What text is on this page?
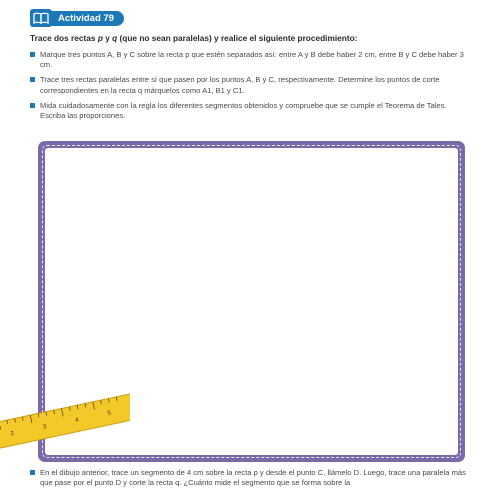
Actividad 79
Trace dos rectas p y q (que no sean paralelas) y realice el siguiente procedimiento:
Marque tres puntos A, B y C sobre la recta p que estén separados así: entre A y B debe haber 2 cm, entre B y C debe haber 3 cm.
Trace tres rectas paralelas entre sí que pasen por los puntos A, B y C, respectivamente. Determine los puntos de corte correspondientes en la recta q márquelos como A1, B1 y C1.
Mida cuidadosamente con la regla los diferentes segmentos obtenidos y compruebe que se cumple el Teorema de Tales. Escriba las proporciones.
2
3
4
5
En el dibujo anterior, trace un segmento de 4 cm sobre la recta p y desde el punto C, llámelo D. Luego, trace una paralela más que pase por el punto D y corte la recta q. ¿Cuánto mide el segmento que se forma sobre la
